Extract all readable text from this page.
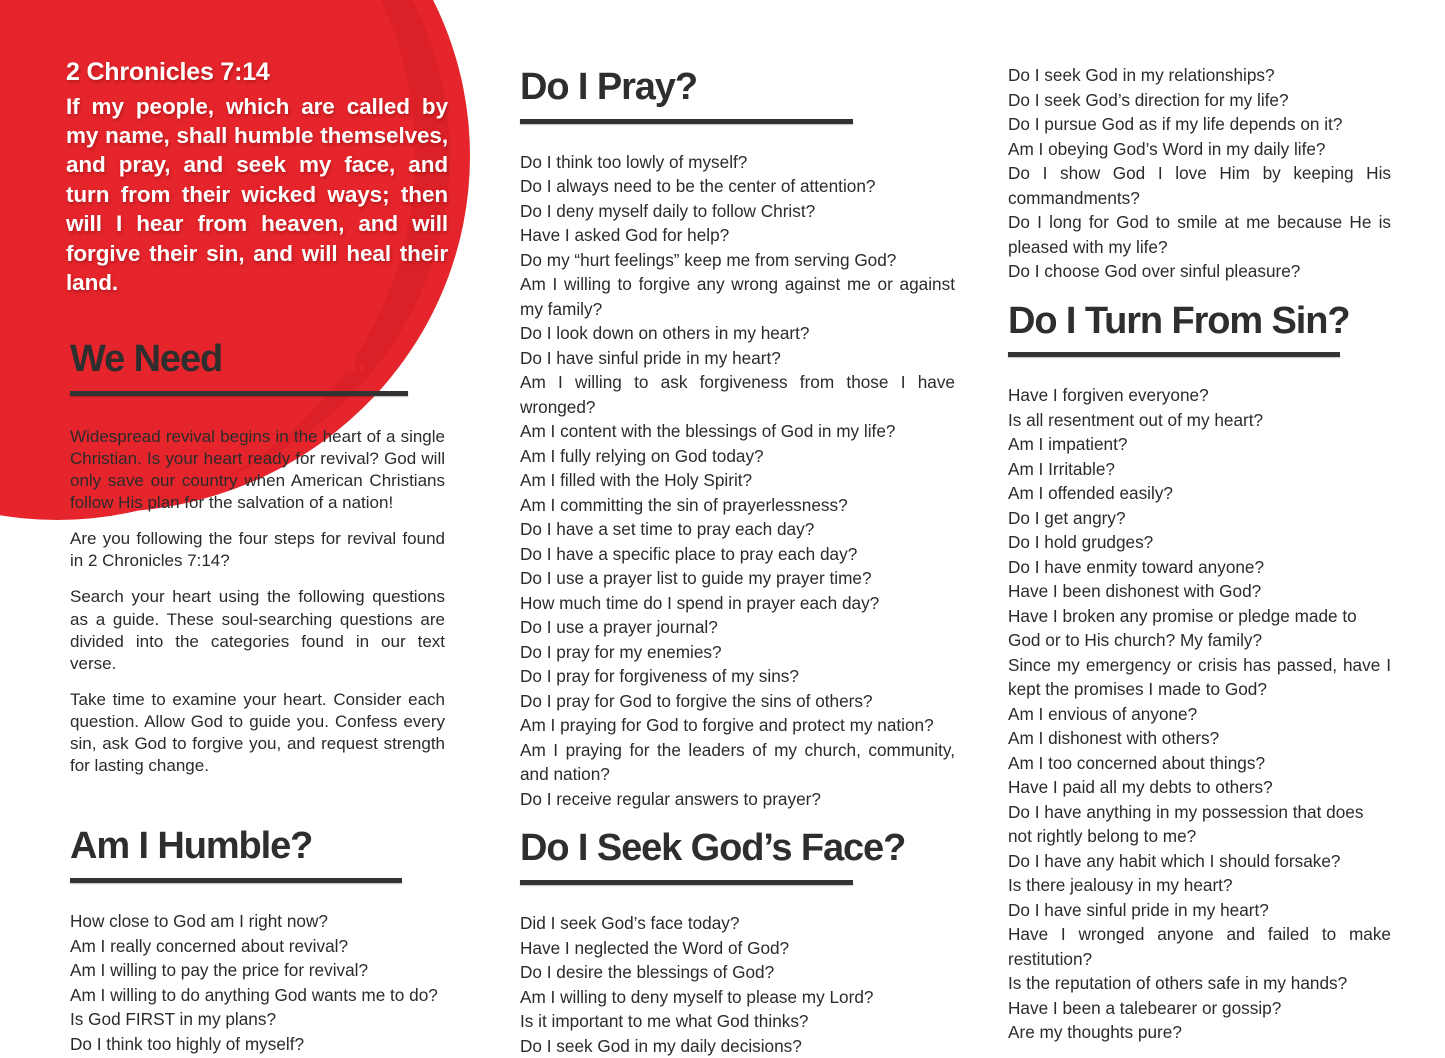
2 Chronicles 7:14
If my people, which are called by my name, shall humble themselves, and pray, and seek my face, and turn from their wicked ways; then will I hear from heaven, and will forgive their sin, and will heal their land.
We Need Revival.

Widespread revival begins in the heart of a single Christian. Is your heart ready for revival? God will only save our country when American Christians follow His plan for the salvation of a nation!

Are you following the four steps for revival found in 2 Chronicles 7:14?

Search your heart using the following questions as a guide. These soul-searching questions are divided into the categories found in our text verse.

Take time to examine your heart. Consider each question. Allow God to guide you. Confess every sin, ask God to forgive you, and request strength for lasting change.

Am I Humble?
How close to God am I right now?
Am I really concerned about revival?
Am I willing to pay the price for revival?
Am I willing to do anything God wants me to do?
Is God FIRST in my plans?
Do I think too highly of myself?
Do I Pray?
Do I think too lowly of myself?
Do I always need to be the center of attention?
Do I deny myself daily to follow Christ?
Have I asked God for help?
Do my “hurt feelings” keep me from serving God?
Am I willing to forgive any wrong against me or against my family?
Do I look down on others in my heart?
Do I have sinful pride in my heart?
Am I willing to ask forgiveness from those I have wronged?
Am I content with the blessings of God in my life?
Am I fully relying on God today?
Am I filled with the Holy Spirit?
Am I committing the sin of prayerlessness?
Do I have a set time to pray each day?
Do I have a specific place to pray each day?
Do I use a prayer list to guide my prayer time?
How much time do I spend in prayer each day?
Do I use a prayer journal?
Do I pray for my enemies?
Do I pray for forgiveness of my sins?
Do I pray for God to forgive the sins of others?
Am I praying for God to forgive and protect my nation?
Am I praying for the leaders of my church, community, and nation?
Do I receive regular answers to prayer?
Do I Seek God’s Face?
Did I seek God’s face today?
Have I neglected the Word of God?
Do I desire the blessings of God?
Am I willing to deny myself to please my Lord?
Is it important to me what God thinks?
Do I seek God in my daily decisions?
Do I seek God in my relationships?
Do I seek God’s direction for my life?
Do I pursue God as if my life depends on it?
Am I obeying God’s Word in my daily life?
Do I show God I love Him by keeping His commandments?
Do I long for God to smile at me because He is pleased with my life?
Do I choose God over sinful pleasure?
Do I Turn From Sin?
Have I forgiven everyone?
Is all resentment out of my heart?
Am I impatient?
Am I Irritable?
Am I offended easily?
Do I get angry?
Do I hold grudges?
Do I have enmity toward anyone?
Have I been dishonest with God?
Have I broken any promise or pledge made to God or to His church? My family?
Since my emergency or crisis has passed, have I kept the promises I made to God?
Am I envious of anyone?
Am I dishonest with others?
Am I too concerned about things?
Have I paid all my debts to others?
Do I have anything in my possession that does not rightly belong to me?
Do I have any habit which I should forsake?
Is there jealousy in my heart?
Do I have sinful pride in my heart?
Have I wronged anyone and failed to make restitution?
Is the reputation of others safe in my hands?
Have I been a talebearer or gossip?
Are my thoughts pure?
